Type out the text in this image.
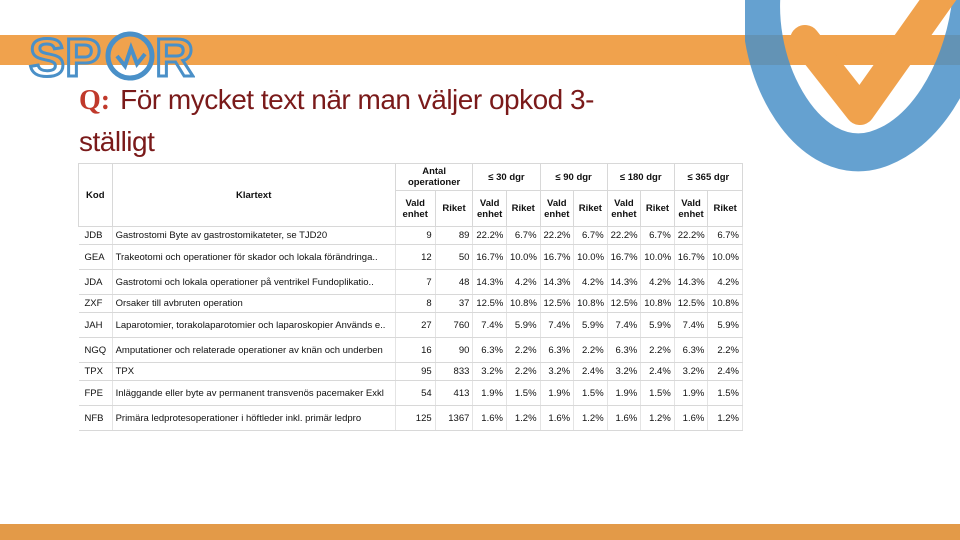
SP R
Q: För mycket text när man väljer opkod 3-
ställigt
Kod	Klartext	Antal operationer		≤ 30 dgr		≤ 90 dgr		≤ 180 dgr		≤ 365 dgr	
		Vald enhet	Riket	Vald enhet	Riket	Vald enhet	Riket	Vald enhet	Riket	Vald enhet	Riket
JDB	Gastrostomi Byte av gastrostomikateter, se TJD20	9	89	22.2%	6.7%	22.2%	6.7%	22.2%	6.7%	22.2%	6.7%
GEA	Trakeotomi och operationer för skador och lokala förändringa..	12	50	16.7%	10.0%	16.7%	10.0%	16.7%	10.0%	16.7%	10.0%
JDA	Gastrotomi och lokala operationer på ventrikel Fundoplikatio..	7	48	14.3%	4.2%	14.3%	4.2%	14.3%	4.2%	14.3%	4.2%
ZXF	Orsaker till avbruten operation	8	37	12.5%	10.8%	12.5%	10.8%	12.5%	10.8%	12.5%	10.8%
JAH	Laparotomier, torakolaparotomier och laparoskopier Används e..	27	760	7.4%	5.9%	7.4%	5.9%	7.4%	5.9%	7.4%	5.9%
NGQ	Amputationer och relaterade operationer av knän och underben	16	90	6.3%	2.2%	6.3%	2.2%	6.3%	2.2%	6.3%	2.2%
TPX	TPX	95	833	3.2%	2.2%	3.2%	2.4%	3.2%	2.4%	3.2%	2.4%
FPE	Inläggande eller byte av permanent transvenös pacemaker Exkl	54	413	1.9%	1.5%	1.9%	1.5%	1.9%	1.5%	1.9%	1.5%
NFB	Primära ledprotesoperationer i höftleder inkl. primär ledpro	125	1367	1.6%	1.2%	1.6%	1.2%	1.6%	1.2%	1.6%	1.2%
